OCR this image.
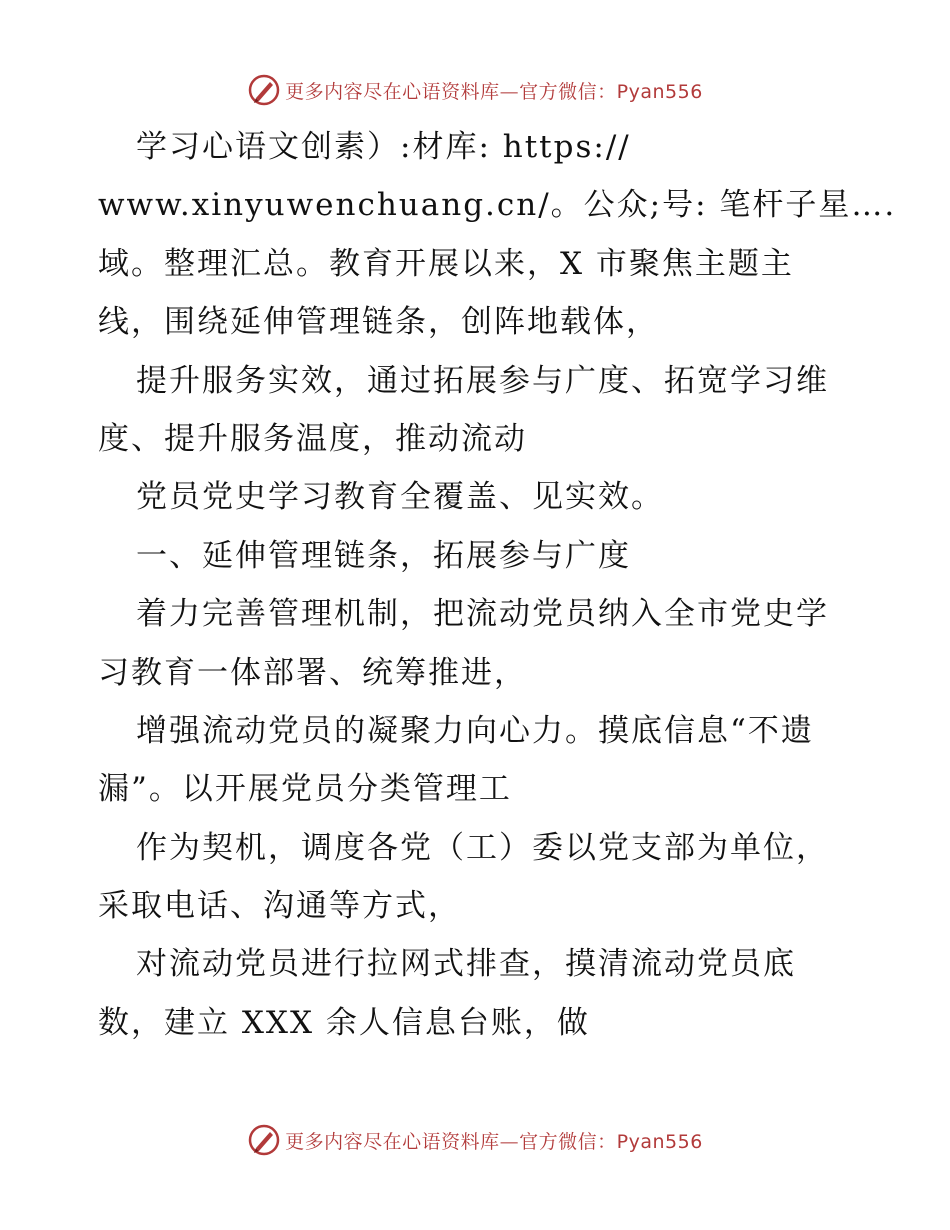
更多内容尽在心语资料库—官方微信：Pyan556
学习心语文创素）:材库: https://
www.xinyuwenchuang.cn/。公众;号: 笔杆子星….
域。整理汇总。教育开展以来，X 市聚焦主题主
线，围绕延伸管理链条，创阵地载体，
提升服务实效，通过拓展参与广度、拓宽学习维
度、提升服务温度，推动流动
党员党史学习教育全覆盖、见实效。
一、延伸管理链条，拓展参与广度
着力完善管理机制，把流动党员纳入全市党史学
习教育一体部署、统筹推进，
增强流动党员的凝聚力向心力。摸底信息“不遗
漏”。以开展党员分类管理工
作为契机，调度各党（工）委以党支部为单位，
采取电话、沟通等方式，
对流动党员进行拉网式排查，摸清流动党员底
数，建立 XXX 余人信息台账，做
更多内容尽在心语资料库—官方微信：Pyan556
